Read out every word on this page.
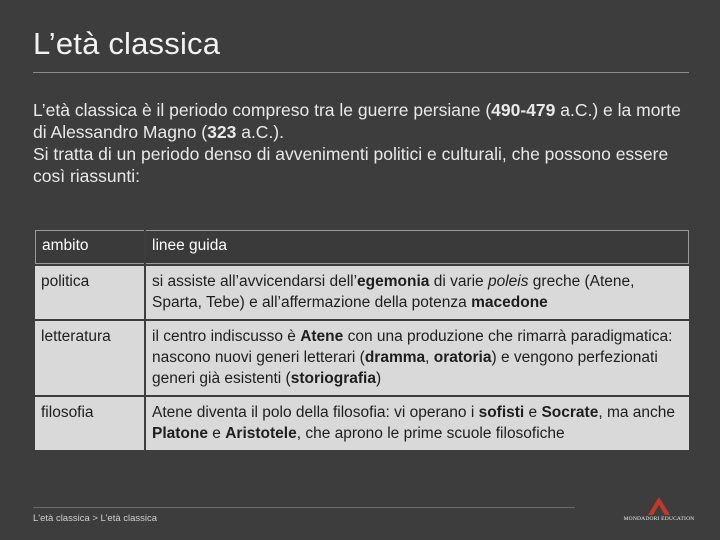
L’età classica

L’età classica è il periodo compreso tra le guerre persiane (490-479 a.C.) e la morte di Alessandro Magno (323 a.C.).

Si tratta di un periodo denso di avvenimenti politici e culturali, che possono essere così riassunti:

ambito	linee guida
politica	si assiste all’avvicendarsi dell’egemonia di varie poleis greche (Atene, Sparta, Tebe) e all’affermazione della potenza macedone
letteratura	il centro indiscusso è Atene con una produzione che rimarrà paradigmatica: nascono nuovi generi letterari (dramma, oratoria) e vengono perfezionati generi già esistenti (storiografia)
filosofia	Atene diventa il polo della filosofia: vi operano i sofisti e Socrate, ma anche Platone e Aristotele, che aprono le prime scuole filosofiche
L'età classica > L’età classica	MONDADORI EDUCATION
